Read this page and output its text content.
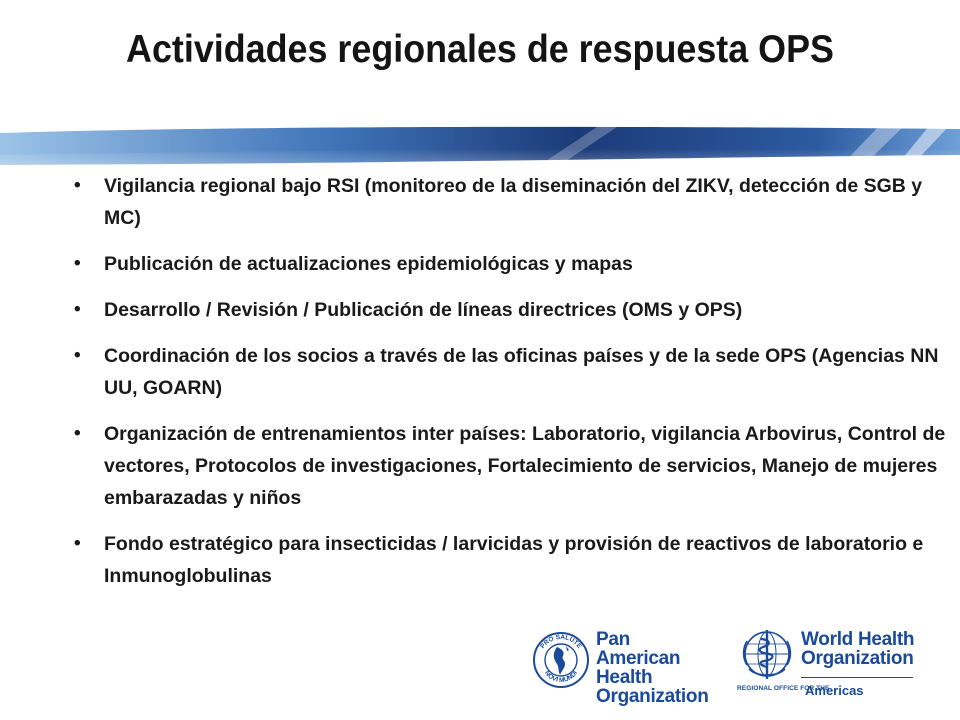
Actividades regionales de respuesta OPS
• Vigilancia regional bajo RSI (monitoreo de la diseminación del ZIKV, detección de SGB y MC)
• Publicación de actualizaciones epidemiológicas y mapas
• Desarrollo / Revisión / Publicación de líneas directrices (OMS y OPS)
• Coordinación de los socios a través de las oficinas países y de la sede OPS (Agencias NN UU, GOARN)
• Organización de entrenamientos inter países: Laboratorio, vigilancia Arbovirus, Control de vectores, Protocolos de investigaciones, Fortalecimiento de servicios, Manejo de mujeres embarazadas y niños
• Fondo estratégico para insecticidas / larvicidas y provisión de reactivos de laboratorio e Inmunoglobulinas
PRO SALUTE
NOVI MUNDI
Pan American
Health
Organization
World Health
Organization
REGIONAL OFFICE FOR THE
Americas
